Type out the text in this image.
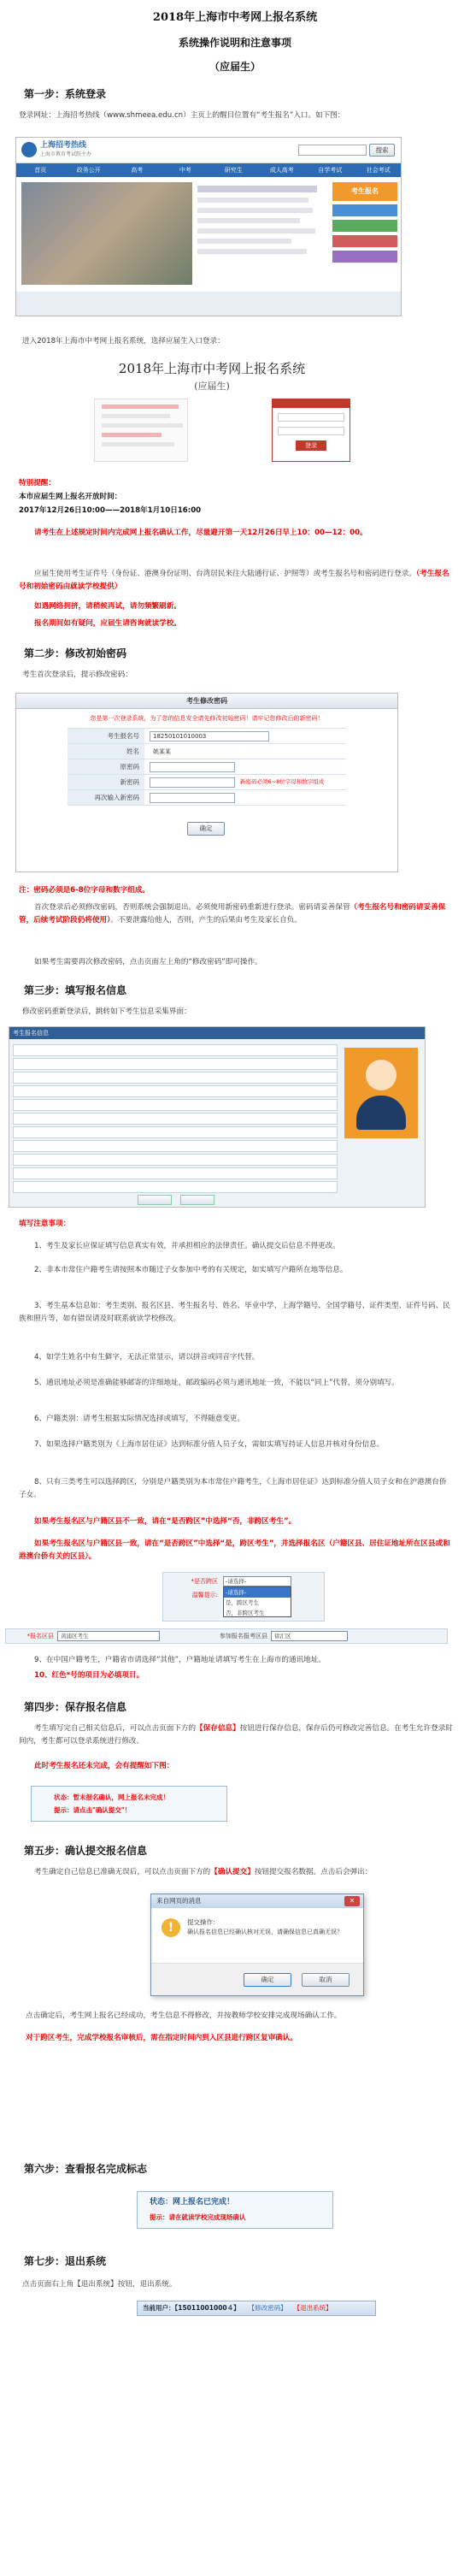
2018年上海市中考网上报名系统
系统操作说明和注意事项
（应届生）
第一步：系统登录
登录网址：上海招考热线（www.shmeea.edu.cn）主页上的醒目位置有“考生报名”入口。如下图：
上海招考热线
上海市教育考试院主办
搜索
首页	政务公开	高考	中考	研究生	成人高考	自学考试	社会考试
考生报名
进入2018年上海市中考网上报名系统，选择应届生入口登录：
2018年上海市中考网上报名系统
(应届生)
登录
特别提醒：
本市应届生网上报名开放时间：
2017年12月26日10:00——2018年1月10日16:00
请考生在上述规定时间内完成网上报名确认工作，尽量避开第一天12月26日早上10：00—12：00。
应届生使用考生证件号（身份证、港澳身份证明、台湾居民来往大陆通行证、护照等）或考生报名号和密码进行登录。（考生报名号和初始密码由就读学校提供）
如遇网络拥挤，请稍候再试，请勿频繁刷新。
报名期间如有疑问，应届生请咨询就读学校。
第二步：修改初始密码
考生首次登录后，提示修改密码：
考生修改密码
您是第一次登录系统，为了您的信息安全请先修改初始密码！请牢记您修改后的新密码！
考生报名号	18250101010003
姓名	姚某某
原密码
新密码	新密码必须6~8位字母和数字组成
再次输入新密码
确定
注：密码必须是6-8位字母和数字组成。
首次登录后必须修改密码，否则系统会强制退出。必须使用新密码重新进行登录。密码请妥善保管（考生报名号和密码请妥善保管，后续考试阶段仍将使用）。不要泄露给他人，否则，产生的后果由考生及家长自负。
如果考生需要再次修改密码，点击页面左上角的“修改密码”即可操作。
第三步：填写报名信息
修改密码重新登录后，跳转如下考生信息采集界面：
考生报名信息
填写注意事项：
1、考生及家长应保证填写信息真实有效，并承担相应的法律责任。确认提交后信息不得更改。
2、非本市常住户籍考生请按照本市随迁子女参加中考的有关规定，如实填写户籍所在地等信息。
3、考生基本信息如：考生类别、报名区县、考生报名号、姓名、毕业中学、上海学籍号、全国学籍号、证件类型、证件号码、民族和照片等，如有错误请及时联系就读学校修改。
4、如学生姓名中有生僻字，无法正常显示，请以拼音或同音字代替。
5、通讯地址必须是准确能够邮寄的详细地址，邮政编码必须与通讯地址一致，不能以“同上”代替，须分别填写。
6、户籍类别：请考生根据实际情况选择或填写，不得随意变更。
7、如果选择户籍类别为《上海市居住证》达到标准分值人员子女，需如实填写持证人信息并核对身份信息。
8、只有三类考生可以选择跨区，分别是户籍类别为本市常住户籍考生，《上海市居住证》达到标准分值人员子女和在沪港澳台侨子女。
如果考生报名区与户籍区县不一致，请在“是否跨区”中选择“否，非跨区考生”。
如果考生报名区与户籍区县一致，请在“是否跨区”中选择“是，跨区考生”，并选择报名区（户籍区县、居住证地址所在区县或和港澳台侨有关的区县）。
*是否跨区
温馨提示:
-请选择-
-请选择-
是，跨区考生
否，非跨区考生
*报名区县	黄浦区考生	参加报名报考区县	徐汇区
9、在中国户籍考生，户籍省市请选择“其他”，户籍地址请填写考生在上海市的通讯地址。
10、红色*号的项目为必填项目。
第四步：保存报名信息
考生填写完自己相关信息后，可以点击页面下方的【保存信息】按钮进行保存信息，保存后仍可修改完善信息。在考生允许登录时间内，考生都可以登录系统进行修改。
此时考生报名还未完成，会有提醒如下图：
状态：暂未报名确认，网上报名未完成！
提示：请点击"确认提交"！
第五步：确认提交报名信息
考生确定自己信息已准确无误后，可以点击页面下方的【确认提交】按钮提交报名数据。点击后会弹出：
来自网页的消息	✕
!	提交操作：
确认报名信息已经确认核对无误，请确保信息已真确无误？
确定	取消
点击确定后，考生网上报名已经成功，考生信息不得修改，并按教师学校安排完成现场确认工作。
对于跨区考生，完成学校报名审核后，需在指定时间内到入区县进行跨区复审确认。
第六步：查看报名完成标志
状态：网上报名已完成！
提示：请在就读学校完成现场确认
第七步：退出系统
点击页面右上角【退出系统】按钮，退出系统。
当前用户：【15011001000４】	【修改密码】	【退出系统】
